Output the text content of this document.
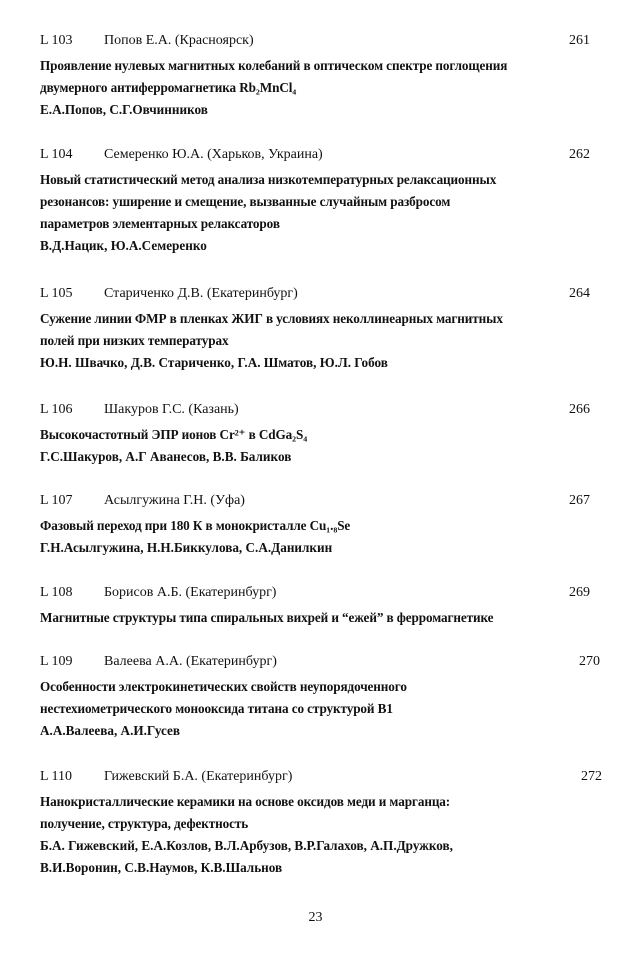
L 103 Попов Е.А. (Красноярск)	261
Проявление нулевых магнитных колебаний в оптическом спектре поглощения
двумерного антиферромагнетика Rb₂MnCl₄
Е.А.Попов, С.Г.Овчинников
L 104 Семеренко Ю.А. (Харьков, Украина)	262
Новый статистический метод анализа низкотемпературных релаксационных
резонансов: уширение и смещение, вызванные случайным разбросом
параметров элементарных релаксаторов
В.Д.Нацик, Ю.А.Семеренко
L 105 Стариченко Д.В. (Екатеринбург)	264
Сужение линии ФМР в пленках ЖИГ в условиях неколлинеарных магнитных
полей при низких температурах
Ю.Н. Швачко, Д.В. Стариченко, Г.А. Шматов, Ю.Л. Гобов
L 106 Шакуров Г.С. (Казань)	266
Высокочастотный ЭПР ионов Cr²⁺ в CdGa₂S₄
Г.С.Шакуров, А.Г Аванесов, В.В. Баликов
L 107 Асылгужина Г.Н. (Уфа)	267
Фазовый переход при 180 К в монокристалле Cu₁.₈Se
Г.Н.Асылгужина, Н.Н.Биккулова, С.А.Данилкин
L 108 Борисов А.Б. (Екатеринбург)	269
Магнитные структуры типа спиральных вихрей и “ежей” в ферромагнетике
L 109 Валеева А.А. (Екатеринбург)	270
Особенности электрокинетических свойств неупорядоченного
нестехиометрического монооксида титана со структурой B1
А.А.Валеева, А.И.Гусев
L 110 Гижевский Б.А. (Екатеринбург)	272
Нанокристаллические керамики на основе оксидов меди и марганца:
получение, структура, дефектность
Б.А. Гижевский, Е.А.Козлов, В.Л.Арбузов, В.Р.Галахов, А.П.Дружков,
В.И.Воронин, С.В.Наумов, К.В.Шальнов
23
